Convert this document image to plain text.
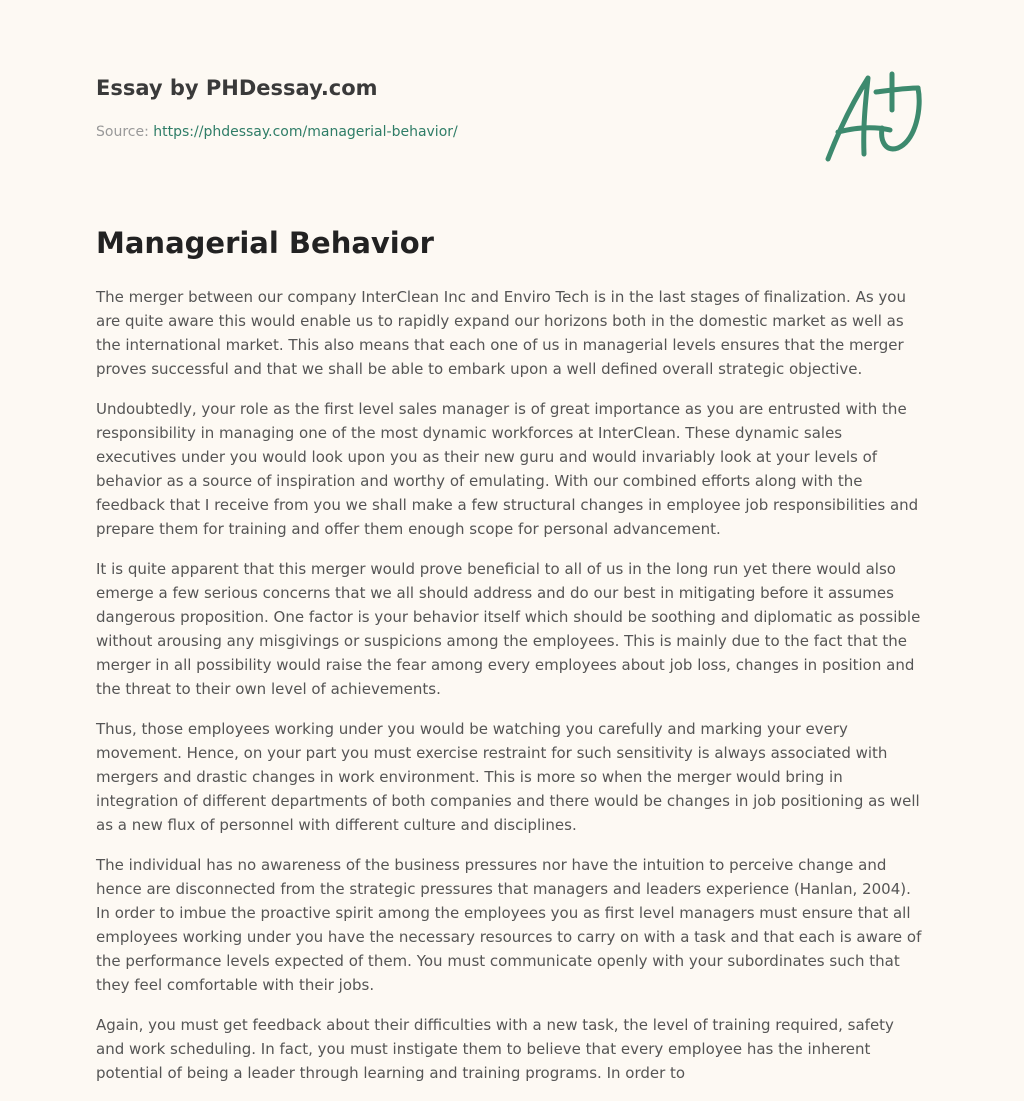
Essay by PHDessay.com
Source: https://phdessay.com/managerial-behavior/
Managerial Behavior

The merger between our company InterClean Inc and Enviro Tech is in the last stages of finalization. As you are quite aware this would enable us to rapidly expand our horizons both in the domestic market as well as the international market. This also means that each one of us in managerial levels ensures that the merger proves successful and that we shall be able to embark upon a well defined overall strategic objective.

Undoubtedly, your role as the first level sales manager is of great importance as you are entrusted with the responsibility in managing one of the most dynamic workforces at InterClean. These dynamic sales executives under you would look upon you as their new guru and would invariably look at your levels of behavior as a source of inspiration and worthy of emulating. With our combined efforts along with the feedback that I receive from you we shall make a few structural changes in employee job responsibilities and prepare them for training and offer them enough scope for personal advancement.

It is quite apparent that this merger would prove beneficial to all of us in the long run yet there would also emerge a few serious concerns that we all should address and do our best in mitigating before it assumes dangerous proposition. One factor is your behavior itself which should be soothing and diplomatic as possible without arousing any misgivings or suspicions among the employees. This is mainly due to the fact that the merger in all possibility would raise the fear among every employees about job loss, changes in position and the threat to their own level of achievements.

Thus, those employees working under you would be watching you carefully and marking your every movement. Hence, on your part you must exercise restraint for such sensitivity is always associated with mergers and drastic changes in work environment. This is more so when the merger would bring in integration of different departments of both companies and there would be changes in job positioning as well as a new flux of personnel with different culture and disciplines.

The individual has no awareness of the business pressures nor have the intuition to perceive change and hence are disconnected from the strategic pressures that managers and leaders experience (Hanlan, 2004). In order to imbue the proactive spirit among the employees you as first level managers must ensure that all employees working under you have the necessary resources to carry on with a task and that each is aware of the performance levels expected of them. You must communicate openly with your subordinates such that they feel comfortable with their jobs.

Again, you must get feedback about their difficulties with a new task, the level of training required, safety and work scheduling. In fact, you must instigate them to believe that every employee has the inherent potential of being a leader through learning and training programs. In order to
